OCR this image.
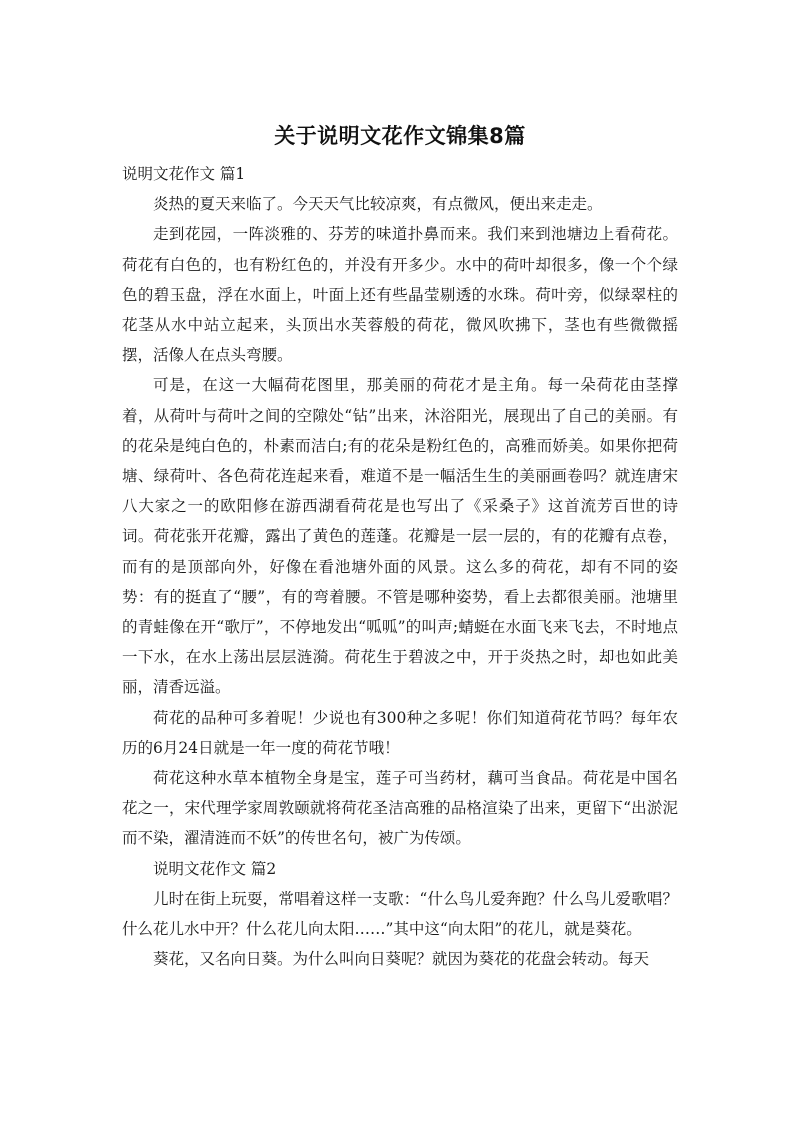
关于说明文花作文锦集8篇

说明文花作文 篇1

炎热的夏天来临了。今天天气比较凉爽，有点微风，便出来走走。

走到花园，一阵淡雅的、芬芳的味道扑鼻而来。我们来到池塘边上看荷花。荷花有白色的，也有粉红色的，并没有开多少。水中的荷叶却很多，像一个个绿色的碧玉盘，浮在水面上，叶面上还有些晶莹剔透的水珠。荷叶旁，似绿翠柱的花茎从水中站立起来，头顶出水芙蓉般的荷花，微风吹拂下，茎也有些微微摇摆，活像人在点头弯腰。

可是，在这一大幅荷花图里，那美丽的荷花才是主角。每一朵荷花由茎撑着，从荷叶与荷叶之间的空隙处“钻”出来，沐浴阳光，展现出了自己的美丽。有的花朵是纯白色的，朴素而洁白;有的花朵是粉红色的，高雅而娇美。如果你把荷塘、绿荷叶、各色荷花连起来看，难道不是一幅活生生的美丽画卷吗？就连唐宋八大家之一的欧阳修在游西湖看荷花是也写出了《采桑子》这首流芳百世的诗词。荷花张开花瓣，露出了黄色的莲蓬。花瓣是一层一层的，有的花瓣有点卷，而有的是顶部向外，好像在看池塘外面的风景。这么多的荷花，却有不同的姿势：有的挺直了“腰”，有的弯着腰。不管是哪种姿势，看上去都很美丽。池塘里的青蛙像在开“歌厅”，不停地发出“呱呱”的叫声;蜻蜓在水面飞来飞去，不时地点一下水，在水上荡出层层涟漪。荷花生于碧波之中，开于炎热之时，却也如此美丽，清香远溢。

荷花的品种可多着呢！少说也有300种之多呢！你们知道荷花节吗？每年农历的6月24日就是一年一度的荷花节哦！

荷花这种水草本植物全身是宝，莲子可当药材，藕可当食品。荷花是中国名花之一，宋代理学家周敦颐就将荷花圣洁高雅的品格渲染了出来，更留下“出淤泥而不染，濯清涟而不妖”的传世名句，被广为传颂。

说明文花作文 篇2

儿时在街上玩耍，常唱着这样一支歌：“什么鸟儿爱奔跑？什么鸟儿爱歌唱？什么花儿水中开？什么花儿向太阳……”其中这“向太阳”的花儿，就是葵花。

葵花，又名向日葵。为什么叫向日葵呢？就因为葵花的花盘会转动。每天
